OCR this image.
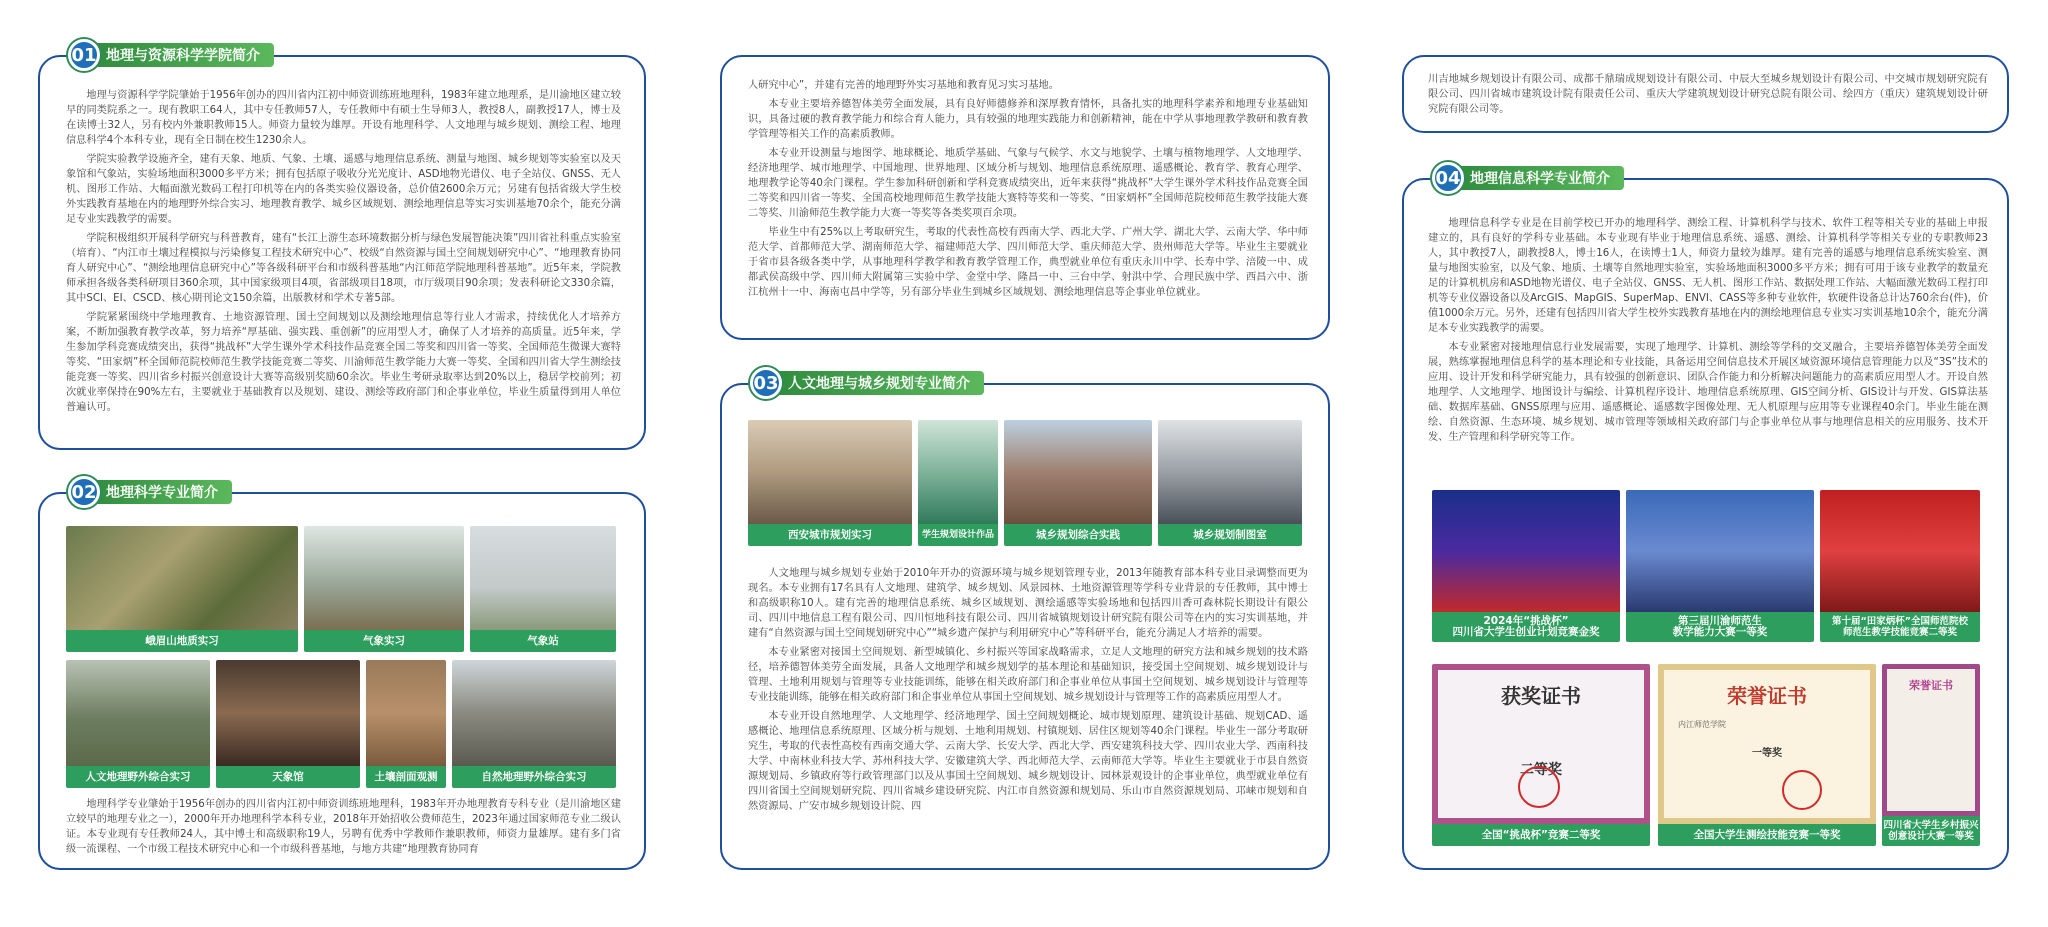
01 地理与资源科学学院简介

地理与资源科学学院肇始于1956年创办的四川省内江初中师资训练班地理科，1983年建立地理系，是川渝地区建立较早的同类院系之一。现有教职工64人，其中专任教师57人，专任教师中有硕士生导师3人，教授8人，副教授17人，博士及在读博士32人，另有校内外兼职教师15人。师资力量较为雄厚。开设有地理科学、人文地理与城乡规划、测绘工程、地理信息科学4个本科专业，现有全日制在校生1230余人。

学院实验教学设施齐全，建有天象、地质、气象、土壤、遥感与地理信息系统、测量与地图、城乡规划等实验室以及天象馆和气象站，实验场地面积3000多平方米；拥有包括原子吸收分光光度计、ASD地物光谱仪、电子全站仪、GNSS、无人机、图形工作站、大幅面激光数码工程打印机等在内的各类实验仪器设备，总价值2600余万元；另建有包括省级大学生校外实践教育基地在内的地理野外综合实习、地理教育教学、城乡区域规划、测绘地理信息等实习实训基地70余个，能充分满足专业实践教学的需要。

学院积极组织开展科学研究与科普教育，建有“长江上游生态环境数据分析与绿色发展智能决策”四川省社科重点实验室（培育）、“内江市土壤过程模拟与污染修复工程技术研究中心”、校级“自然资源与国土空间规划研究中心”、“地理教育协同育人研究中心”、“测绘地理信息研究中心”等各级科研平台和市级科普基地“内江师范学院地理科普基地”。近5年来，学院教师承担各级各类科研项目360余项，其中国家级项目4项，省部级项目18项，市厅级项目90余项；发表科研论文330余篇，其中SCI、EI、CSCD、核心期刊论文150余篇，出版教材和学术专著5部。

学院紧紧围绕中学地理教育、土地资源管理、国土空间规划以及测绘地理信息等行业人才需求，持续优化人才培养方案，不断加强教育教学改革，努力培养“厚基础、强实践、重创新”的应用型人才，确保了人才培养的高质量。近5年来，学生参加学科竞赛成绩突出，获得“挑战杯”大学生课外学术科技作品竞赛全国二等奖和四川省一等奖、全国师范生微课大赛特等奖、“田家炳”杯全国师范院校师范生教学技能竞赛二等奖、川渝师范生教学能力大赛一等奖、全国和四川省大学生测绘技能竞赛一等奖、四川省乡村振兴创意设计大赛等高级别奖励60余次。毕业生考研录取率达到20%以上，稳居学校前列；初次就业率保持在90%左右，主要就业于基础教育以及规划、建设、测绘等政府部门和企事业单位，毕业生质量得到用人单位普遍认可。

02 地理科学专业简介
峨眉山地质实习	气象实习	气象站
人文地理野外综合实习	天象馆	土壤剖面观测	自然地理野外综合实习

地理科学专业肇始于1956年创办的四川省内江初中师资训练班地理科，1983年开办地理教育专科专业（是川渝地区建立较早的地理专业之一），2000年开办地理科学本科专业，2018年开始招收公费师范生，2023年通过国家师范专业二级认证。本专业现有专任教师24人，其中博士和高级职称19人，另聘有优秀中学教师作兼职教师，师资力量雄厚。建有多门省级一流课程、一个市级工程技术研究中心和一个市级科普基地，与地方共建“地理教育协同育

人研究中心”，并建有完善的地理野外实习基地和教育见习实习基地。

本专业主要培养德智体美劳全面发展，具有良好师德修养和深厚教育情怀，具备扎实的地理科学素养和地理专业基础知识，具备过硬的教育教学能力和综合育人能力，具有较强的地理实践能力和创新精神，能在中学从事地理教学教研和教育教学管理等相关工作的高素质教师。

本专业开设测量与地图学、地球概论、地质学基础、气象与气候学、水文与地貌学、土壤与植物地理学、人文地理学、经济地理学、城市地理学、中国地理、世界地理、区域分析与规划、地理信息系统原理、遥感概论、教育学、教育心理学、地理教学论等40余门课程。学生参加科研创新和学科竞赛成绩突出，近年来获得“挑战杯”大学生课外学术科技作品竞赛全国二等奖和四川省一等奖、全国高校地理师范生教学技能大赛特等奖和一等奖、“田家炳杯”全国师范院校师范生教学技能大赛二等奖、川渝师范生教学能力大赛一等奖等各类奖项百余项。

毕业生中有25%以上考取研究生，考取的代表性高校有西南大学、西北大学、广州大学、湖北大学、云南大学、华中师范大学、首都师范大学、湖南师范大学、福建师范大学、四川师范大学、重庆师范大学、贵州师范大学等。毕业生主要就业于省市县各级各类中学，从事地理科学教学和教育教学管理工作，典型就业单位有重庆永川中学、长寿中学、涪陵一中、成都武侯高级中学、四川师大附属第三实验中学、金堂中学、隆昌一中、三台中学、射洪中学、合理民族中学、西昌六中、浙江杭州十一中、海南屯昌中学等，另有部分毕业生到城乡区域规划、测绘地理信息等企事业单位就业。

03 人文地理与城乡规划专业简介
西安城市规划实习	学生规划设计作品	城乡规划综合实践	城乡规划制图室

人文地理与城乡规划专业始于2010年开办的资源环境与城乡规划管理专业，2013年随教育部本科专业目录调整而更为现名。本专业拥有17名具有人文地理、建筑学、城乡规划、风景园林、土地资源管理等学科专业背景的专任教师，其中博士和高级职称10人。建有完善的地理信息系统、城乡区域规划、测绘遥感等实验场地和包括四川香可森林院长期设计有限公司、四川中地信息工程有限公司、四川恒地科技有限公司、四川省城镇规划设计研究院有限公司等在内的实习实训基地，并建有“自然资源与国土空间规划研究中心”“城乡遗产保护与利用研究中心”等科研平台，能充分满足人才培养的需要。

本专业紧密对接国土空间规划、新型城镇化、乡村振兴等国家战略需求，立足人文地理的研究方法和城乡规划的技术路径，培养德智体美劳全面发展，具备人文地理学和城乡规划学的基本理论和基础知识，接受国土空间规划、城乡规划设计与管理、土地利用规划与管理等专业技能训练，能够在相关政府部门和企事业单位从事国土空间规划、城乡规划设计与管理等专业技能训练，能够在相关政府部门和企事业单位从事国土空间规划、城乡规划设计与管理等工作的高素质应用型人才。

本专业开设自然地理学、人文地理学、经济地理学、国土空间规划概论、城市规划原理、建筑设计基础、规划CAD、遥感概论、地理信息系统原理、区域分析与规划、土地利用规划、村镇规划、居住区规划等40余门课程。毕业生一部分考取研究生，考取的代表性高校有西南交通大学、云南大学、长安大学、西北大学、西安建筑科技大学、四川农业大学、西南科技大学、中南林业科技大学、苏州科技大学、安徽建筑大学、西北师范大学、云南师范大学等。毕业生主要就业于市县自然资源规划局、乡镇政府等行政管理部门以及从事国土空间规划、城乡规划设计、园林景观设计的企事业单位，典型就业单位有四川省国土空间规划研究院、四川省城乡建设研究院、内江市自然资源和规划局、乐山市自然资源规划局、邛崃市规划和自然资源局、广安市城乡规划设计院、四

川吉地城乡规划设计有限公司、成都千鼎瑞成规划设计有限公司、中辰大至城乡规划设计有限公司、中交城市规划研究院有限公司、四川省城市建筑设计院有限责任公司、重庆大学建筑规划设计研究总院有限公司、绘四方（重庆）建筑规划设计研究院有限公司等。

04 地理信息科学专业简介

地理信息科学专业是在目前学校已开办的地理科学、测绘工程、计算机科学与技术、软件工程等相关专业的基础上申报建立的，具有良好的学科专业基础。本专业现有毕业于地理信息系统、遥感、测绘、计算机科学等相关专业的专职教师23人，其中教授7人，副教授8人，博士16人，在读博士1人，师资力量较为雄厚。建有完善的遥感与地理信息系统实验室、测量与地图实验室，以及气象、地质、土壤等自然地理实验室，实验场地面积3000多平方米；拥有可用于该专业教学的数量充足的计算机机房和ASD地物光谱仪、电子全站仪、GNSS、无人机、图形工作站、数据处理工作站、大幅面激光数码工程打印机等专业仪器设备以及ArcGIS、MapGIS、SuperMap、ENVI、CASS等多种专业软件，软硬件设备总计达760余台(件)，价值1000余万元。另外，还建有包括四川省大学生校外实践教育基地在内的测绘地理信息专业实习实训基地10余个，能充分满足本专业实践教学的需要。

本专业紧密对接地理信息行业发展需要，实现了地理学、计算机、测绘等学科的交叉融合，主要培养德智体美劳全面发展，熟练掌握地理信息科学的基本理论和专业技能，具备运用空间信息技术开展区域资源环境信息管理能力以及“3S”技术的应用、设计开发和科学研究能力，具有较强的创新意识、团队合作能力和分析解决问题能力的高素质应用型人才。开设自然地理学、人文地理学、地图设计与编绘、计算机程序设计、地理信息系统原理、GIS空间分析、GIS设计与开发、GIS算法基础、数据库基础、GNSS原理与应用、遥感概论、遥感数字图像处理、无人机原理与应用等专业课程40余门。毕业生能在测绘、自然资源、生态环境、城乡规划、城市管理等领域相关政府部门与企事业单位从事与地理信息相关的应用服务、技术开发、生产管理和科学研究等工作。

2024年“挑战杯”
四川省大学生创业计划竞赛金奖
第三届川渝师范生
教学能力大赛一等奖
第十届“田家炳杯”全国师范院校
师范生教学技能竞赛二等奖
获奖证书
二等奖
全国“挑战杯”竞赛二等奖
荣誉证书
内江师范学院
一等奖
全国大学生测绘技能竞赛一等奖
荣誉证书
四川省大学生乡村振兴
创意设计大赛一等奖
